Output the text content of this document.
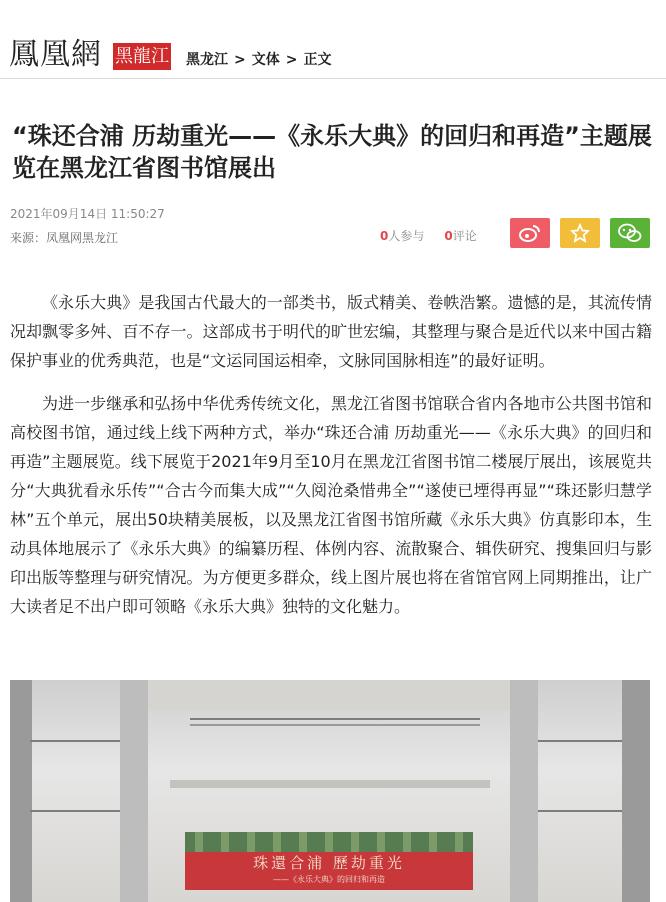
鳳凰網 黑龍江 黑龙江 > 文体 > 正文
“珠还合浦 历劫重光——《永乐大典》的回归和再造”主题展览在黑龙江省图书馆展出
2021年09月14日 11:50:27
来源：凤凰网黑龙江	0人参与 0评论

《永乐大典》是我国古代最大的一部类书，版式精美、卷帙浩繁。遗憾的是，其流传情况却飘零多舛、百不存一。这部成书于明代的旷世宏编，其整理与聚合是近代以来中国古籍保护事业的优秀典范，也是“文运同国运相牵，文脉同国脉相连”的最好证明。

为进一步继承和弘扬中华优秀传统文化，黑龙江省图书馆联合省内各地市公共图书馆和高校图书馆，通过线上线下两种方式，举办“珠还合浦 历劫重光——《永乐大典》的回归和再造”主题展览。线下展览于2021年9月至10月在黑龙江省图书馆二楼展厅展出，该展览共分“大典犹看永乐传”“合古今而集大成”“久阅沧桑惜弗全”“遂使已堙得再显”“珠还影归慧学林”五个单元，展出50块精美展板，以及黑龙江省图书馆所藏《永乐大典》仿真影印本，生动具体地展示了《永乐大典》的编纂历程、体例内容、流散聚合、辑佚研究、搜集回归与影印出版等整理与研究情况。为方便更多群众，线上图片展也将在省馆官网上同期推出，让广大读者足不出户即可领略《永乐大典》独特的文化魅力。

珠還合浦 歷劫重光
——《永乐大典》的回归和再造
